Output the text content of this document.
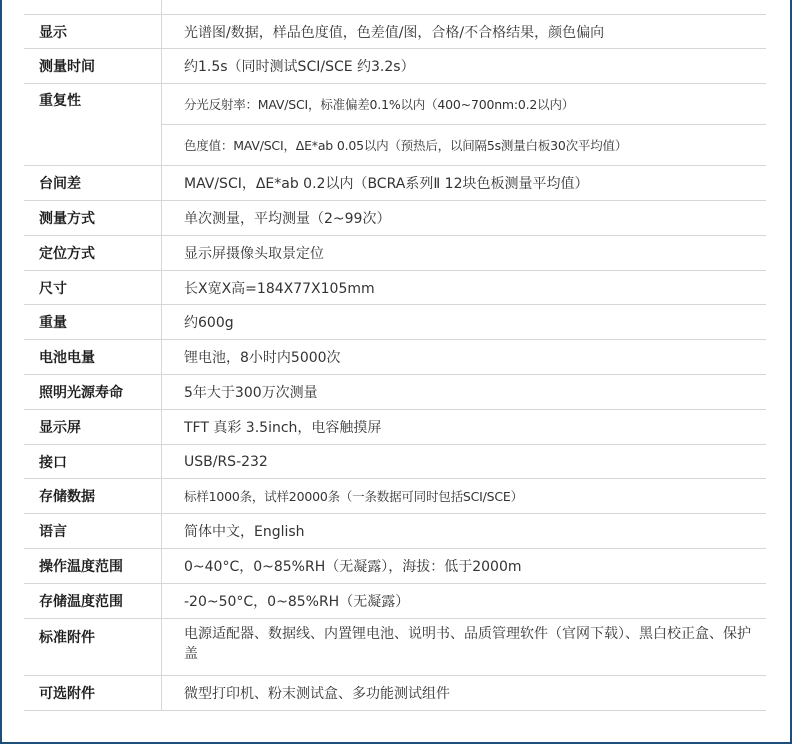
显示	光谱图/数据，样品色度值，色差值/图，合格/不合格结果，颜色偏向
测量时间	约1.5s（同时测试SCI/SCE 约3.2s）
重复性	分光反射率：MAV/SCI，标准偏差0.1%以内（400~700nm:0.2以内）
色度值：MAV/SCI，ΔE*ab 0.05以内（预热后，以间隔5s测量白板30次平均值）
台间差	MAV/SCI，ΔE*ab 0.2以内（BCRA系列Ⅱ 12块色板测量平均值）
测量方式	单次测量，平均测量（2~99次）
定位方式	显示屏摄像头取景定位
尺寸	长X宽X高=184X77X105mm
重量	约600g
电池电量	锂电池，8小时内5000次
照明光源寿命	5年大于300万次测量
显示屏	TFT 真彩 3.5inch，电容触摸屏
接口	USB/RS-232
存储数据	标样1000条，试样20000条（一条数据可同时包括SCI/SCE）
语言	简体中文，English
操作温度范围	0~40°C，0~85%RH（无凝露），海拔：低于2000m
存储温度范围	-20~50°C，0~85%RH（无凝露）
标准附件	电源适配器、数据线、内置锂电池、说明书、品质管理软件（官网下载）、黑白校正盒、保护盖
可选附件	微型打印机、粉末测试盒、多功能测试组件
